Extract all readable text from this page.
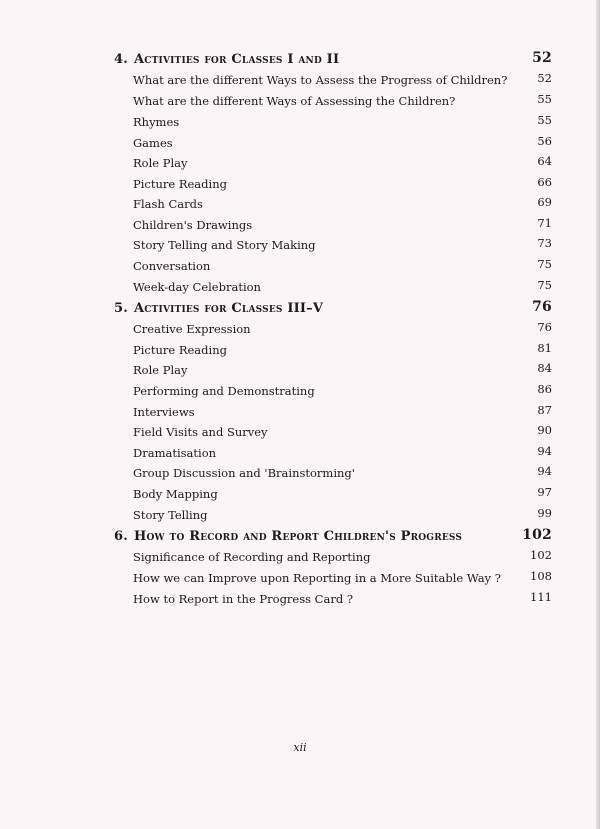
4. Activities for Classes I and II	52
What are the different Ways to Assess the Progress of Children?	52
What are the different Ways of Assessing the Children?	55
Rhymes	55
Games	56
Role Play	64
Picture Reading	66
Flash Cards	69
Children's Drawings	71
Story Telling and Story Making	73
Conversation	75
Week-day Celebration	75
5. Activities for Classes III–V	76
Creative Expression	76
Picture Reading	81
Role Play	84
Performing and Demonstrating	86
Interviews	87
Field Visits and Survey	90
Dramatisation	94
Group Discussion and 'Brainstorming'	94
Body Mapping	97
Story Telling	99
6. How to Record and Report Children's Progress	102
Significance of Recording and Reporting	102
How we can Improve upon Reporting in a More Suitable Way ?	108
How to Report in the Progress Card ?	111
xii
